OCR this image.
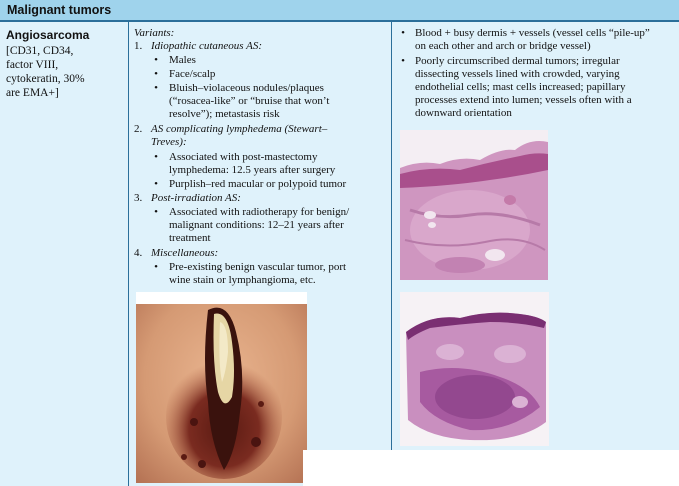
Malignant tumors
Angiosarcoma
[CD31, CD34,
factor VIII,
cytokeratin, 30%
are EMA+]
Variants:
1. Idiopathic cutaneous AS:
• Males
• Face/scalp
• Bluish–violaceous nodules/plaques
(“rosacea-like” or “bruise that won’t
resolve”); metastasis risk
2. AS complicating lymphedema (Stewart–
Treves):
• Associated with post-mastectomy
lymphedema: 12.5 years after surgery
• Purplish–red macular or polypoid tumor
3. Post-irradiation AS:
• Associated with radiotherapy for benign/
malignant conditions: 12–21 years after
treatment
4. Miscellaneous:
• Pre-existing benign vascular tumor, port
wine stain or lymphangioma, etc.
• Blood + busy dermis + vessels (vessel cells “pile-up”
on each other and arch or bridge vessel)
• Poorly circumscribed dermal tumors; irregular
dissecting vessels lined with crowded, varying
endothelial cells; mast cells increased; papillary
processes extend into lumen; vessels often with a
downward orientation
